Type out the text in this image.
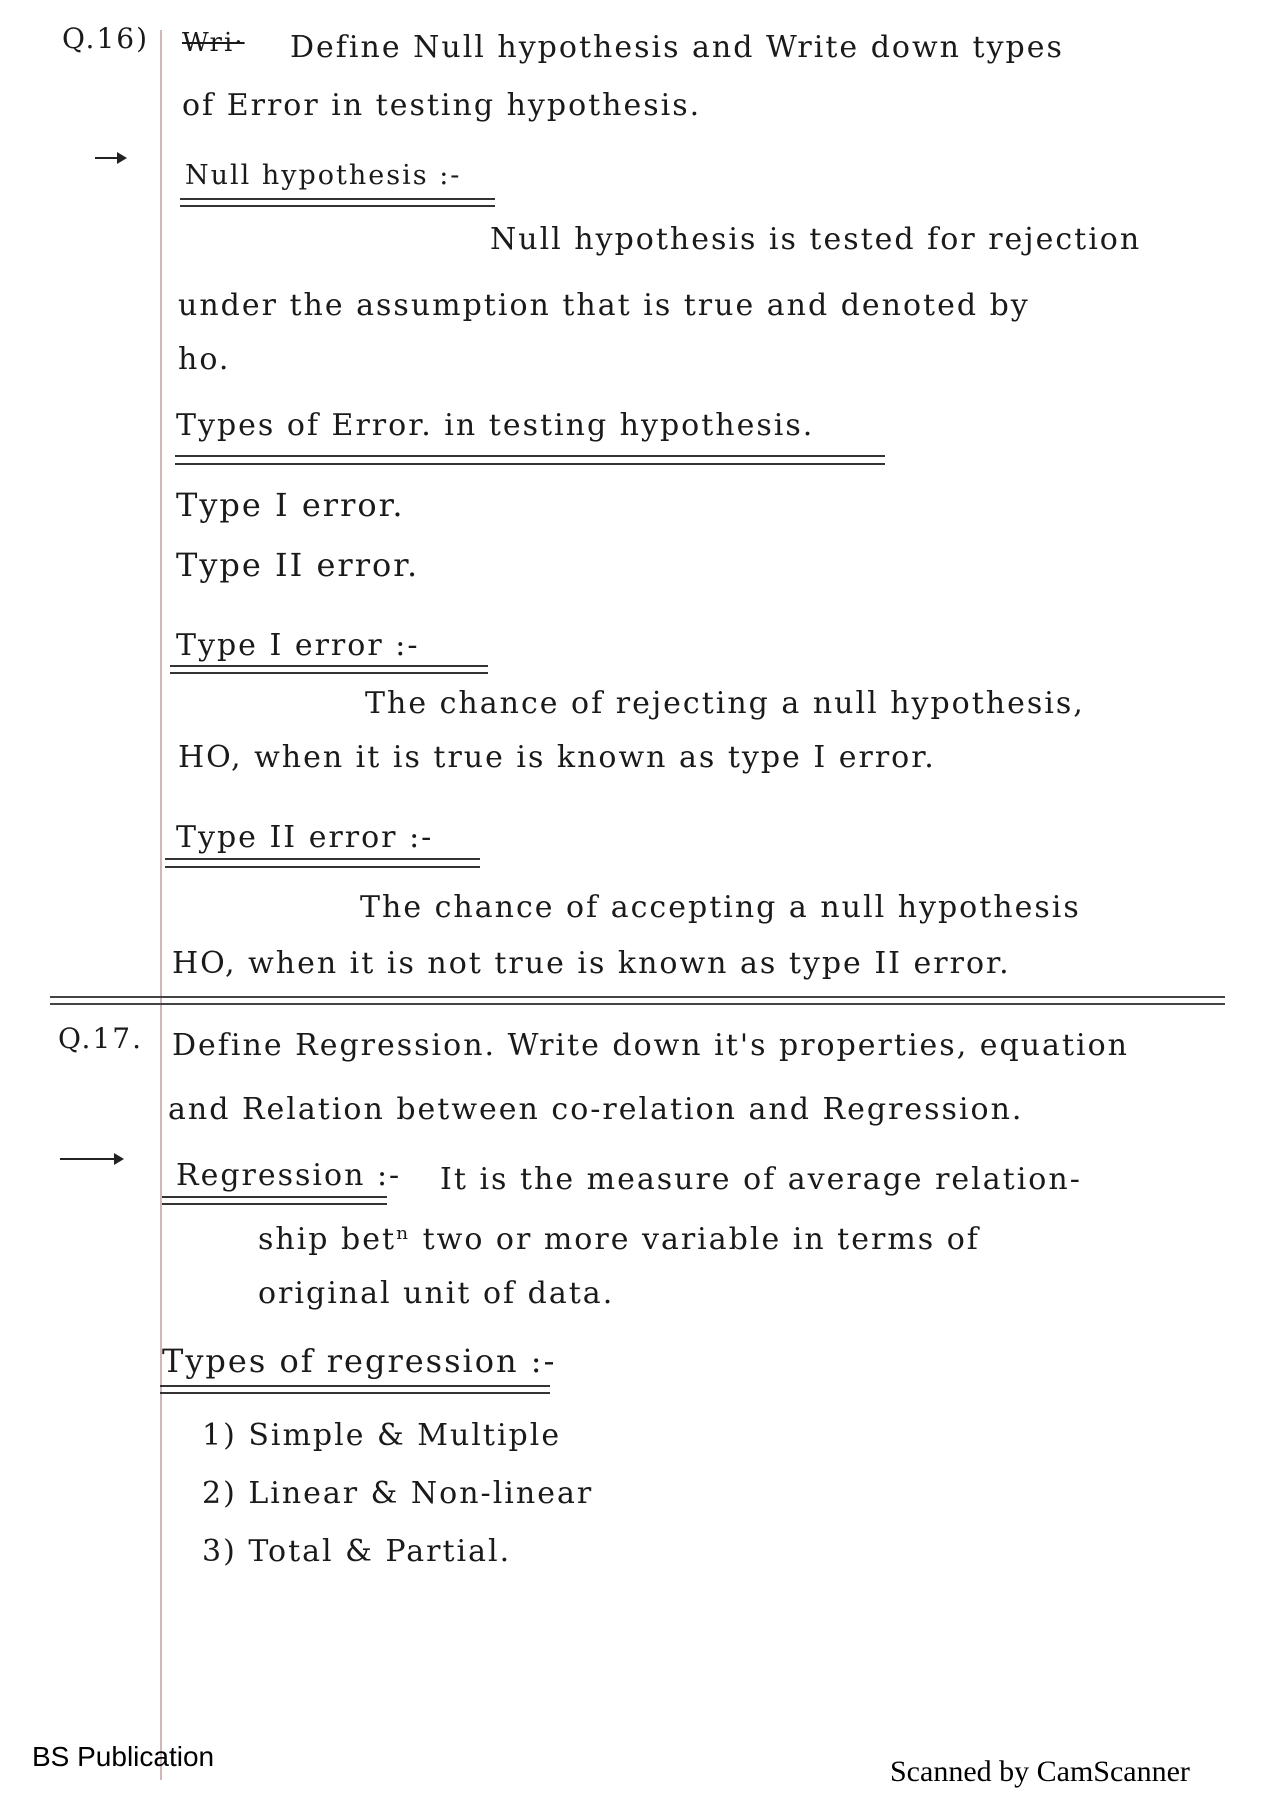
Q.16) Wri· Define Null hypothesis and Write down types
of Error in testing hypothesis.
Null hypothesis :-
Null hypothesis is tested for rejection
under the assumption that is true and denoted by
ho.
Types of Error. in testing hypothesis.
Type I error.
Type II error.
Type I error :-
The chance of rejecting a null hypothesis,
HO, when it is true is known as type I error.
Type II error :-
The chance of accepting a null hypothesis
HO, when it is not true is known as type II error.
Q.17. Define Regression. Write down it's properties, equation
and Relation between co-relation and Regression.
Regression :- It is the measure of average relation-
ship betⁿ two or more variable in terms of
original unit of data.
Types of regression :-
1) Simple & Multiple
2) Linear & Non-linear
3) Total & Partial.
BS Publication	Scanned by CamScanner
